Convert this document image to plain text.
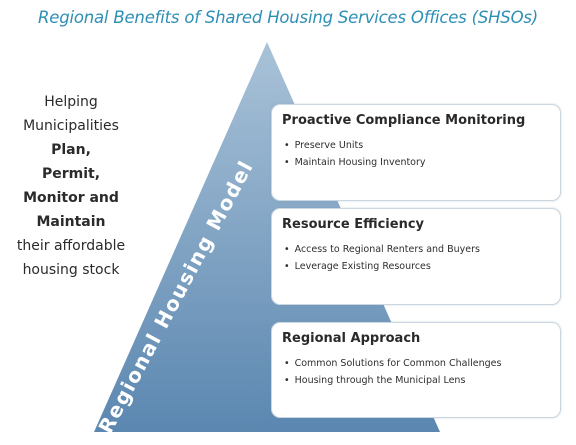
Regional Benefits of Shared Housing Services Offices (SHSOs)
Regional Housing Model
Helping
Municipalities
Plan,
Permit,
Monitor and
Maintain
their affordable
housing stock
Proactive Compliance Monitoring
• Preserve Units
• Maintain Housing Inventory
Resource Efficiency
• Access to Regional Renters and Buyers
• Leverage Existing Resources
Regional Approach
• Common Solutions for Common Challenges
• Housing through the Municipal Lens
